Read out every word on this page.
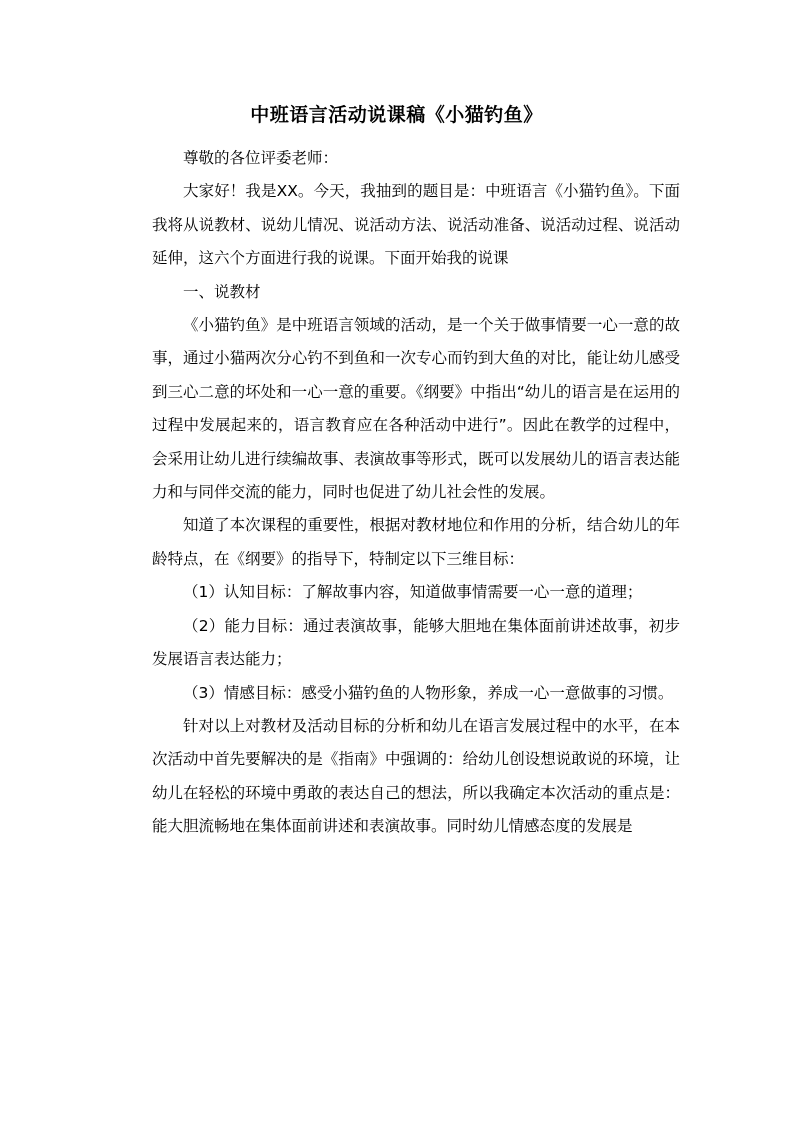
中班语言活动说课稿《小猫钓鱼》

尊敬的各位评委老师：

大家好！我是XX。今天，我抽到的题目是：中班语言《小猫钓鱼》。下面我将从说教材、说幼儿情况、说活动方法、说活动准备、说活动过程、说活动延伸，这六个方面进行我的说课。下面开始我的说课

一、说教材

《小猫钓鱼》是中班语言领域的活动，是一个关于做事情要一心一意的故事，通过小猫两次分心钓不到鱼和一次专心而钓到大鱼的对比，能让幼儿感受到三心二意的坏处和一心一意的重要。《纲要》中指出“幼儿的语言是在运用的过程中发展起来的，语言教育应在各种活动中进行”。因此在教学的过程中，会采用让幼儿进行续编故事、表演故事等形式，既可以发展幼儿的语言表达能力和与同伴交流的能力，同时也促进了幼儿社会性的发展。

知道了本次课程的重要性，根据对教材地位和作用的分析，结合幼儿的年龄特点，在《纲要》的指导下，特制定以下三维目标：

（1）认知目标：了解故事内容，知道做事情需要一心一意的道理；

（2）能力目标：通过表演故事，能够大胆地在集体面前讲述故事，初步发展语言表达能力；

（3）情感目标：感受小猫钓鱼的人物形象，养成一心一意做事的习惯。

针对以上对教材及活动目标的分析和幼儿在语言发展过程中的水平，在本次活动中首先要解决的是《指南》中强调的：给幼儿创设想说敢说的环境，让幼儿在轻松的环境中勇敢的表达自己的想法，所以我确定本次活动的重点是：能大胆流畅地在集体面前讲述和表演故事。同时幼儿情感态度的发展是
